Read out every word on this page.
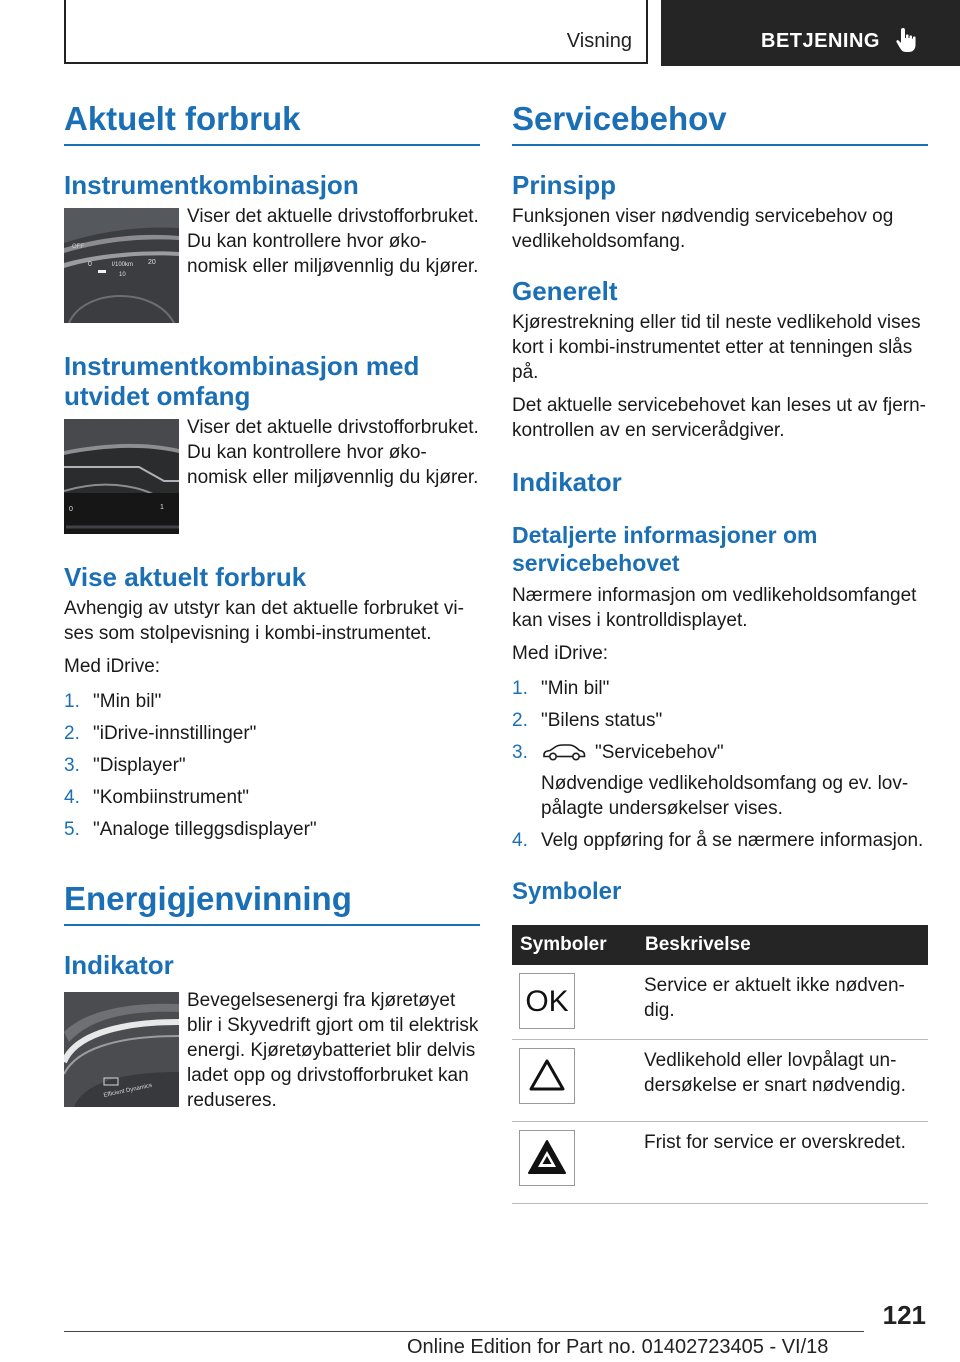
Visning	BETJENING
Aktuelt forbruk
Instrumentkombinasjon
OFF
0	l/100km 20
10

Viser det aktuelle drivstofforbruket. Du kan kontrollere hvor økonomisk eller miljøvennlig du kjører.

Instrumentkombinasjon med utvidet omfang
0	1

Viser det aktuelle drivstofforbruket. Du kan kontrollere hvor økonomisk eller miljøvennlig du kjører.

Vise aktuelt forbruk

Avhengig av utstyr kan det aktuelle forbruket vises som stolpevisning i kombi-instrumentet.

Med iDrive:

1. "Min bil"
2. "iDrive-innstillinger"
3. "Displayer"
4. "Kombiinstrument"
5. "Analoge tilleggsdisplayer"
Energigjenvinning
Indikator
Efficient Dynamics

Bevegelsesenergi fra kjøretøyet blir i Skyvedrift gjort om til elektrisk energi. Kjøretøybatteriet blir delvis ladet opp og drivstofforbruket kan reduseres.

Servicebehov
Prinsipp

Funksjonen viser nødvendig servicebehov og vedlikeholdsomfang.

Generelt

Kjørestrekning eller tid til neste vedlikehold vises kort i kombi-instrumentet etter at tenningen slås på.

Det aktuelle servicebehovet kan leses ut av fjernkontrollen av en servicerådgiver.

Indikator
Detaljerte informasjoner om servicebehovet

Nærmere informasjon om vedlikeholdsomfanget kan vises i kontrolldisplayet.

Med iDrive:

1. "Min bil"
2. "Bilens status"
3.	"Servicebehov"
Nødvendige vedlikeholdsomfang og ev. lovpålagte undersøkelser vises.
4. Velg oppføring for å se nærmere informasjon.
Symboler
Symboler	Beskrivelse

OK	Service er aktuelt ikke nødvendig.
	Vedlikehold eller lovpålagt undersøkelse er snart nødvendig.
	Frist for service er overskredet.
121
Online Edition for Part no. 01402723405 - VI/18
